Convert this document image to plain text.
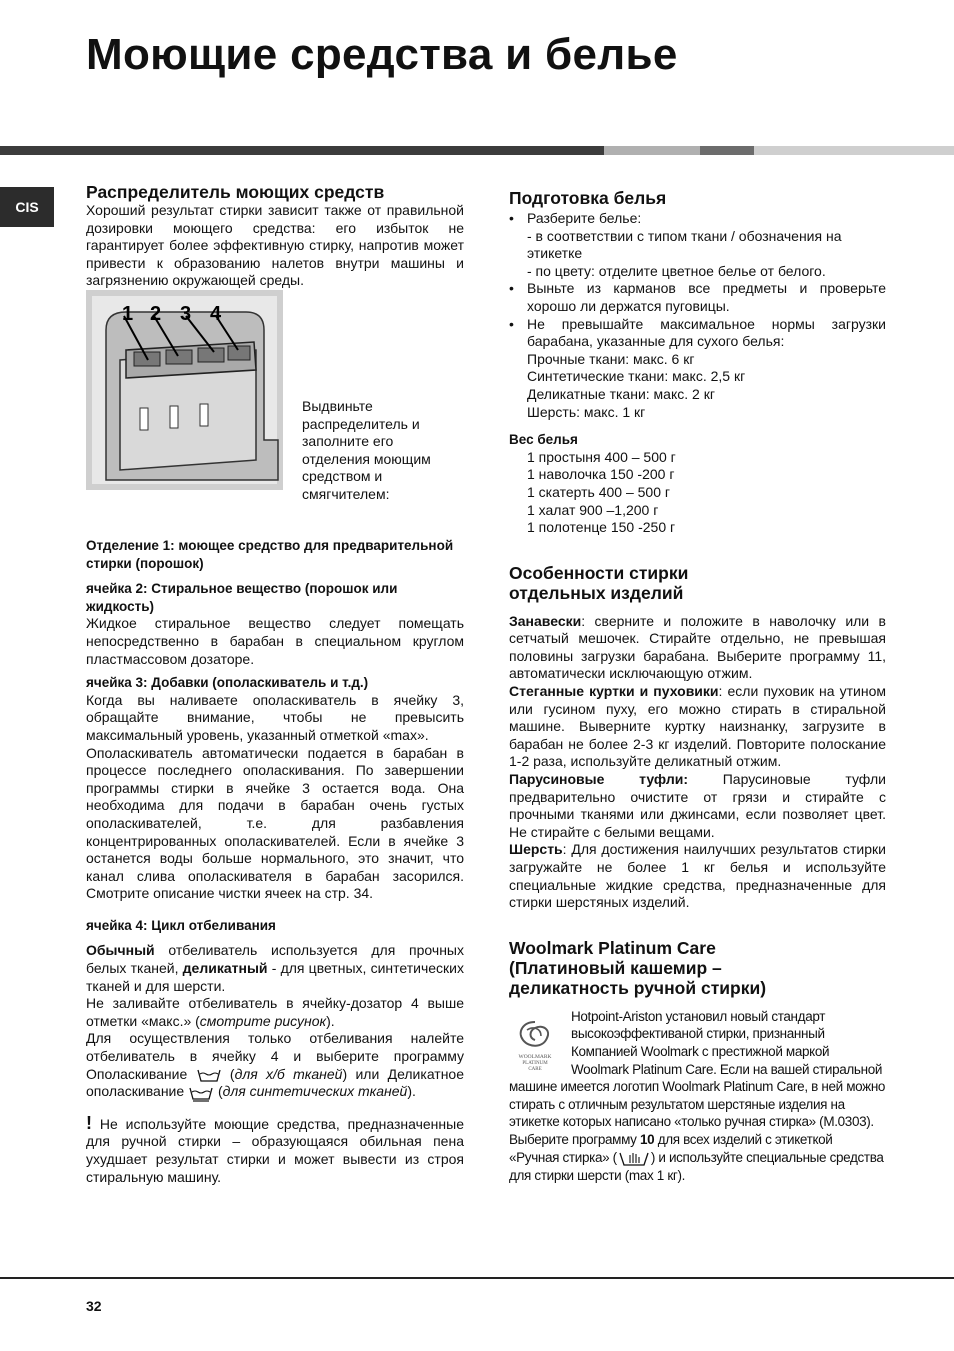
Моющие средства и белье
CIS
Распределитель моющих средств

Хороший результат стирки зависит также от правильной дозировки моющего средства: его избыток не гарантирует более эффективную стирку, напротив может привести к образованию налетов внутри машины и загрязнению окружающей среды.

1 2 3 4

Выдвиньте распределитель и заполните его отделения моющим средством и смягчителем:

Отделение 1: моющее средство для предварительной стирки (порошок)

ячейка 2: Стиральное вещество (порошок или жидкость)

Жидкое стиральное вещество следует помещать непосредственно в барабан в специальном круглом пластмассовом дозаторе.

ячейка 3: Добавки (ополаскиватель и т.д.)

Когда вы наливаете ополаскиватель в ячейку 3, обращайте внимание, чтобы не превысить максимальный уровень, указанный отметкой «max».

Ополаскиватель автоматически подается в барабан в процессе последнего ополаскивания. По завершении программы стирки в ячейке 3 остается вода. Она необходима для подачи в барабан очень густых ополаскивателей, т.е. для разбавления концентрированных ополаскивателей. Если в ячейке 3 останется воды больше нормального, это значит, что канал слива ополаскивателя в барабан засорился. Смотрите описание чистки ячеек на стр. 34.

ячейка 4: Цикл отбеливания

Обычный отбеливатель используется для прочных белых тканей, деликатный - для цветных, синтетических тканей и для шерсти.

Не заливайте отбеливатель в ячейку-дозатор 4 выше отметки «макс.» (смотрите рисунок).

Для осуществления только отбеливания налейте отбеливатель в ячейку 4 и выберите программу Ополаскивание  (для х/б тканей) или Деликатное ополаскивание  (для синтетических тканей).

! Не используйте моющие средства, предназначенные для ручной стирки – образующаяся обильная пена ухудшает результат стирки и может вывести из строя стиральную машину.

Подготовка белья
• Разберите белье:
- в соответствии с типом ткани / обозначения на этикетке
- по цвету: отделите цветное белье от белого.
• Выньте из карманов все предметы и проверьте хорошо ли держатся пуговицы.
• Не превышайте максимальное нормы загрузки барабана, указанные для сухого белья:
Прочные ткани: макс. 6 кг
Синтетические ткани: макс. 2,5 кг
Деликатные ткани: макс. 2 кг
Шерсть: макс. 1 кг

Вес белья

1 простыня 400 – 500 г
1 наволочка 150 -200 г
1 скатерть 400 – 500 г
1 халат 900 –1,200 г
1 полотенце 150 -250 г
Особенности стирки отдельных изделий

Занавески: сверните и положите в наволочку или в сетчатый мешочек. Стирайте отдельно, не превышая половины загрузки барабана. Выберите программу 11, автоматически исключающую отжим.

Стеганные куртки и пуховики: если пуховик на утином или гусином пуху, его можно стирать в стиральной машине. Выверните куртку наизнанку, загрузите в барабан не более 2-3 кг изделий. Повторите полоскание 1-2 раза, используйте деликатный отжим.

Парусиновые туфли: Парусиновые туфли предварительно очистите от грязи и стирайте с прочными тканями или джинсами, если позволяет цвет. Не стирайте с белыми вещами.

Шерсть: Для достижения наилучших результатов стирки загружайте не более 1 кг белья и используйте специальные жидкие средства, предназначенные для стирки шерстяных изделий.

Woolmark Platinum Care (Платиновый кашемир – деликатность ручной стирки)
WOOLMARK
PLATINUM
CARE

Hotpoint-Ariston установил новый стандарт высокоэффективаной стирки, признанный Компанией Woolmark с престижной маркой Woolmark Platinum Care. Если на вашей стиральной машине имеется логотип Woolmark Platinum Care, в ней можно стирать с отличным результатом шерстяные изделия на этикетке которых написано «только ручная стирка» (M.0303).

Выберите программу 10 для всех изделий с этикеткой «Ручная стирка» (	) и используйте специальные средства для стирки шерсти (max 1 кг).

32
